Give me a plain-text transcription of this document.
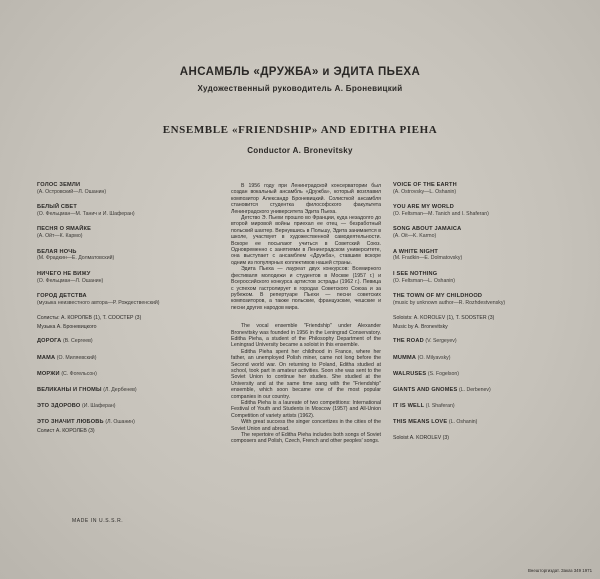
АНСАМБЛЬ «ДРУЖБА» и ЭДИТА ПЬЕХА
Художественный руководитель А. Броневицкий
ENSEMBLE «FRIENDSHIP» AND EDITHA PIEHA
Conductor A. Bronevitsky
ГОЛОС ЗЕМЛИ
(А. Островский—Л. Ошанин)
БЕЛЫЙ СВЕТ
(О. Фельцман—М. Танич и И. Шаферан)
ПЕСНЯ О ЯМАЙКЕ
(А. Ойт—К. Кармо)
БЕЛАЯ НОЧЬ
(М. Фрадкин—Е. Долматовский)
НИЧЕГО НЕ ВИЖУ
(О. Фельцман—Л. Ошанин)
ГОРОД ДЕТСТВА
(музыка неизвестного автора—Р. Рождественский)
Солисты: А. КОРОЛЕВ (1), Т. СООСТЕР (3)
Музыка А. Броневицкого
ДОРОГА (В. Сергеев)
МАМА (О. Миляевский)
МОРЖИ (С. Фогельсон)
ВЕЛИКАНЫ И ГНОМЫ (Л. Дербенев)
ЭТО ЗДОРОВО (И. Шаферан)
ЭТО ЗНАЧИТ ЛЮБОВЬ (Л. Ошанин)
Солист А. КОРОЛЕВ (3)
В 1956 году при Ленинградской консерватории был создан вокальный ансамбль «Дружба», который возглавил композитор Александр Броневицкий. Солисткой ансамбля становится студентка философского факультета Ленинградского университета Эдита Пьеха.
Детство Э. Пьехи прошло во Франции, куда незадолго до второй мировой войны приехал ее отец — безработный польский шахтер. Вернувшись в Польшу, Эдита занимается в школе, участвует в художественной самодеятельности. Вскоре ее посылают учиться в Советский Союз. Одновременно с занятиями в Ленинградском университете, она выступает с ансамблем «Дружба», ставшим вскоре одним из популярных коллективов нашей страны.
Эдита Пьеха — лауреат двух конкурсов: Всемирного фестиваля молодежи и студентов в Москве (1957 г.) и Всероссийского конкурса артистов эстрады (1962 г.). Певица с успехом гастролирует в городах Советского Союза и за рубежом. В репертуаре Пьехи — песни советских композиторов, а также польские, французские, чешские и песни других народов мира.
The vocal ensemble "Friendship" under Alexander Bronevitsky was founded in 1956 in the Leningrad Conservatory. Editha Pieha, a student of the Philosophy Department of the Leningrad University became a soloist in this ensemble.
Editha Pieha spent her childhood in France, where her father, an unemployed Polish miner, came not long before the Second world war. On returning to Poland, Editha studied at school, took part in amateur activities. Soon she was sent to the Soviet Union to continue her studies. She studied at the University and at the same time sang with the "Friendship" ensemble, which soon became one of the most popular companies in our country.
Editha Pieha is a laureate of two competitions: International Festival of Youth and Students in Moscow (1957) and All-Union Competition of variety artists (1962).
With great success the singer concertizes in the cities of the Soviet Union and abroad.
The repertoire of Editha Pieha includes both songs of Soviet composers and Polish, Czech, French and other peoples' songs.
VOICE OF THE EARTH
(A. Ostrovsky—L. Oshanin)
YOU ARE MY WORLD
(O. Feltsman—M. Tanich and I. Shaferan)
SONG ABOUT JAMAICA
(A. Oit—K. Karmo)
A WHITE NIGHT
(M. Fradkin—E. Dolmatovsky)
I SEE NOTHING
(O. Feltsman—L. Oshanin)
THE TOWN OF MY CHILDHOOD
(music by unknown author—R. Rozhdestvensky)
Soloists: A. KOROLEV (1), T. SOOSTER (3)
Music by A. Bronevitsky
THE ROAD (V. Sergeyev)
MUMMA (O. Milyavsky)
WALRUSES (S. Fogelson)
GIANTS AND GNOMES (L. Derbenev)
IT IS WELL (I. Shaferan)
THIS MEANS LOVE (L. Oshanin)
Soloist A. KOROLEV (3)
MADE IN U.S.S.R.
Внешторгиздат. Заказ 349 1971
